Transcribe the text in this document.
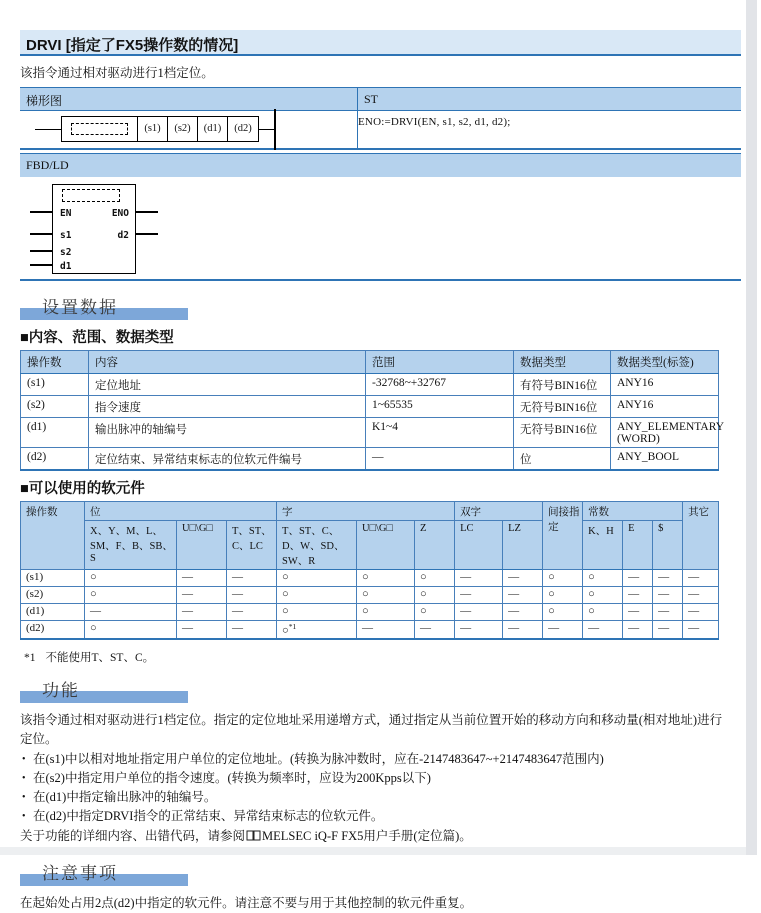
DRVI [指定了FX5操作数的情况]
该指令通过相对驱动进行1档定位。
梯形图	ST
(s1)	(s2)	(d1)	(d2)
ENO:=DRVI(EN, s1, s2, d1, d2);
FBD/LD
EN
s1
s2
d1
ENO
d2
设置数据
■内容、范围、数据类型
操作数	内容	范围	数据类型	数据类型(标签)
(s1)	定位地址	-32768~+32767	有符号BIN16位	ANY16
(s2)	指令速度	1~65535	无符号BIN16位	ANY16
(d1)	输出脉冲的轴编号	K1~4	无符号BIN16位	ANY_ELEMENTARY (WORD)
(d2)	定位结束、异常结束标志的位软元件编号	—	位	ANY_BOOL
■可以使用的软元件
操作数	位			字			双字		间接指定	常数			其它
	X、Y、M、L、SM、F、B、SB、S	U□\G□	T、ST、C、LC	T、ST、C、D、W、SD、SW、R	U□\G□	Z	LC	LZ		K、H	E	$	
(s1)	○	—	—	○	○	○	—	—	○	○	—	—	—
(s2)	○	—	—	○	○	○	—	—	○	○	—	—	—
(d1)	—	—	—	○	○	○	—	—	○	○	—	—	—
(d2)	○	—	—	○$^{*1}$	—	—	—	—	—	—	—	—	—
*1 不能使用T、ST、C。
功能
该指令通过相对驱动进行1档定位。指定的定位地址采用递增方式，通过指定从当前位置开始的移动方向和移动量(相对地址)进行定位。
• 在(s1)中以相对地址指定用户单位的定位地址。(转换为脉冲数时，应在-2147483647~+2147483647范围内)
• 在(s2)中指定用户单位的指令速度。(转换为频率时，应设为200Kpps以下)
• 在(d1)中指定输出脉冲的轴编号。
• 在(d2)中指定DRVI指令的正常结束、异常结束标志的位软元件。
关于功能的详细内容、出错代码，请参阅 MELSEC iQ-F FX5用户手册(定位篇)。
注意事项
在起始处占用2点(d2)中指定的软元件。请注意不要与用于其他控制的软元件重复。
